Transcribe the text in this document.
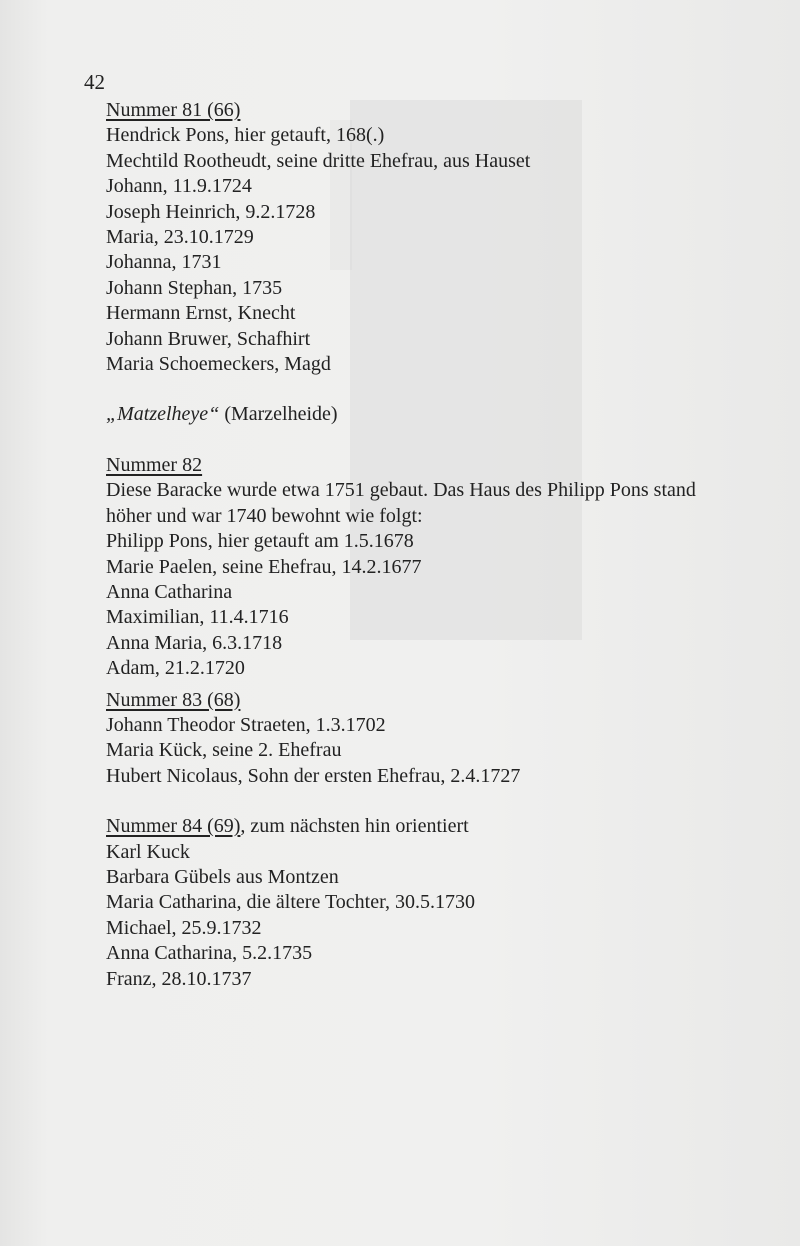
42
Nummer 81 (66)
Hendrick Pons, hier getauft, 168(.)
Mechtild Rootheudt, seine dritte Ehefrau, aus Hauset
Johann, 11.9.1724
Joseph Heinrich, 9.2.1728
Maria, 23.10.1729
Johanna, 1731
Johann Stephan, 1735
Hermann Ernst, Knecht
Johann Bruwer, Schafhirt
Maria Schoemeckers, Magd
„Matzelheye“ (Marzelheide)
Nummer 82
Diese Baracke wurde etwa 1751 gebaut. Das Haus des Philipp Pons stand höher und war 1740 bewohnt wie folgt:
Philipp Pons, hier getauft am 1.5.1678
Marie Paelen, seine Ehefrau, 14.2.1677
Anna Catharina
Maximilian, 11.4.1716
Anna Maria, 6.3.1718
Adam, 21.2.1720
Nummer 83 (68)
Johann Theodor Straeten, 1.3.1702
Maria Kück, seine 2. Ehefrau
Hubert Nicolaus, Sohn der ersten Ehefrau, 2.4.1727
Nummer 84 (69), zum nächsten hin orientiert
Karl Kuck
Barbara Gübels aus Montzen
Maria Catharina, die ältere Tochter, 30.5.1730
Michael, 25.9.1732
Anna Catharina, 5.2.1735
Franz, 28.10.1737
